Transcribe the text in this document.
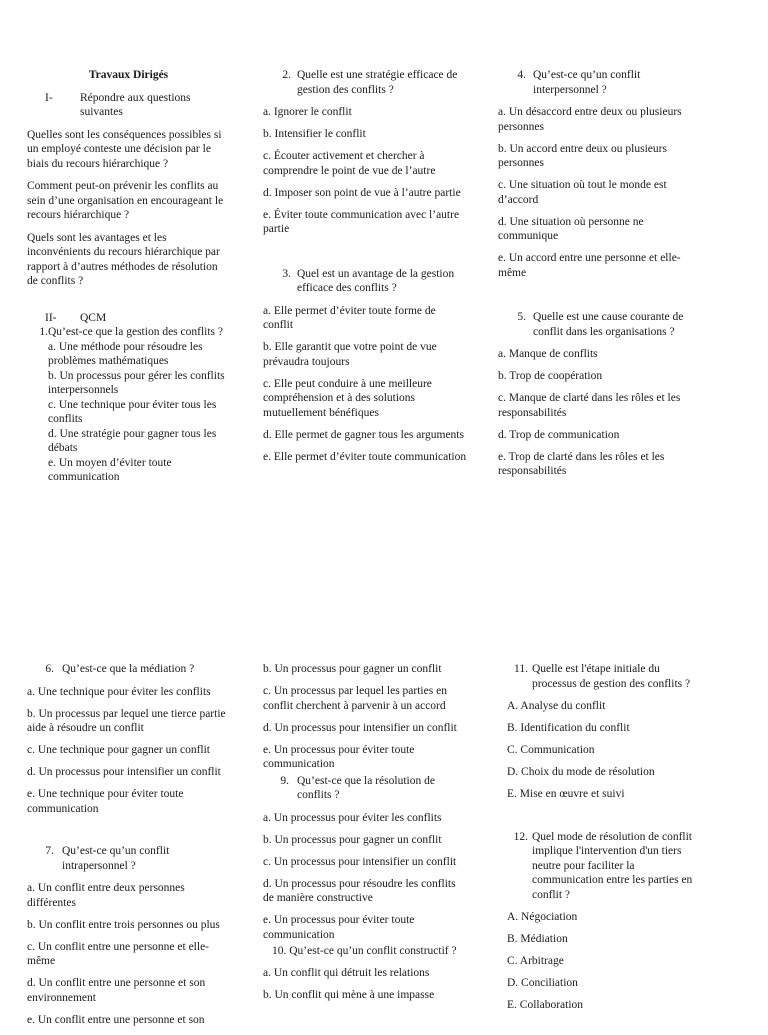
Travaux Dirigés
I-	Répondre aux questions suivantes

Quelles sont les conséquences possibles si un employé conteste une décision par le biais du recours hiérarchique ?

Comment peut-on prévenir les conflits au sein d’une organisation en encourageant le recours hiérarchique ?

Quels sont les avantages et les inconvénients du recours hiérarchique par rapport à d’autres méthodes de résolution de conflits ?

II-	QCM
1. Qu’est-ce que la gestion des conflits ?
a. Une méthode pour résoudre les problèmes mathématiques
b. Un processus pour gérer les conflits interpersonnels
c. Une technique pour éviter tous les conflits
d. Une stratégie pour gagner tous les débats
e. Un moyen d’éviter toute communication
2. Quelle est une stratégie efficace de gestion des conflits ?
a. Ignorer le conflit
b. Intensifier le conflit
c. Écouter activement et chercher à comprendre le point de vue de l’autre
d. Imposer son point de vue à l’autre partie
e. Éviter toute communication avec l’autre partie
3. Quel est un avantage de la gestion efficace des conflits ?
a. Elle permet d’éviter toute forme de conflit
b. Elle garantit que votre point de vue prévaudra toujours
c. Elle peut conduire à une meilleure compréhension et à des solutions mutuellement bénéfiques
d. Elle permet de gagner tous les arguments
e. Elle permet d’éviter toute communication
4. Qu’est-ce qu’un conflit interpersonnel ?
a. Un désaccord entre deux ou plusieurs personnes
b. Un accord entre deux ou plusieurs personnes
c. Une situation où tout le monde est d’accord
d. Une situation où personne ne communique
e. Un accord entre une personne et elle-même
5. Quelle est une cause courante de conflit dans les organisations ?
a. Manque de conflits
b. Trop de coopération
c. Manque de clarté dans les rôles et les responsabilités
d. Trop de communication
e. Trop de clarté dans les rôles et les responsabilités
6. Qu’est-ce que la médiation ?
a. Une technique pour éviter les conflits
b. Un processus par lequel une tierce partie aide à résoudre un conflit
c. Une technique pour gagner un conflit
d. Un processus pour intensifier un conflit
e. Une technique pour éviter toute communication
7. Qu’est-ce qu’un conflit intrapersonnel ?
a. Un conflit entre deux personnes différentes
b. Un conflit entre trois personnes ou plus
c. Un conflit entre une personne et elle-même
d. Un conflit entre une personne et son environnement
e. Un conflit entre une personne et son
b. Un processus pour gagner un conflit
c. Un processus par lequel les parties en conflit cherchent à parvenir à un accord
d. Un processus pour intensifier un conflit
e. Un processus pour éviter toute communication
9. Qu’est-ce que la résolution de conflits ?
a. Un processus pour éviter les conflits
b. Un processus pour gagner un conflit
c. Un processus pour intensifier un conflit
d. Un processus pour résoudre les conflits de manière constructive
e. Un processus pour éviter toute communication
10. Qu’est-ce qu’un conflit constructif ?
a. Un conflit qui détruit les relations
b. Un conflit qui mène à une impasse
11. Quelle est l'étape initiale du processus de gestion des conflits ?
A. Analyse du conflit
B. Identification du conflit
C. Communication
D. Choix du mode de résolution
E. Mise en œuvre et suivi
12. Quel mode de résolution de conflit implique l'intervention d'un tiers neutre pour faciliter la communication entre les parties en conflit ?
A. Négociation
B. Médiation
C. Arbitrage
D. Conciliation
E. Collaboration
